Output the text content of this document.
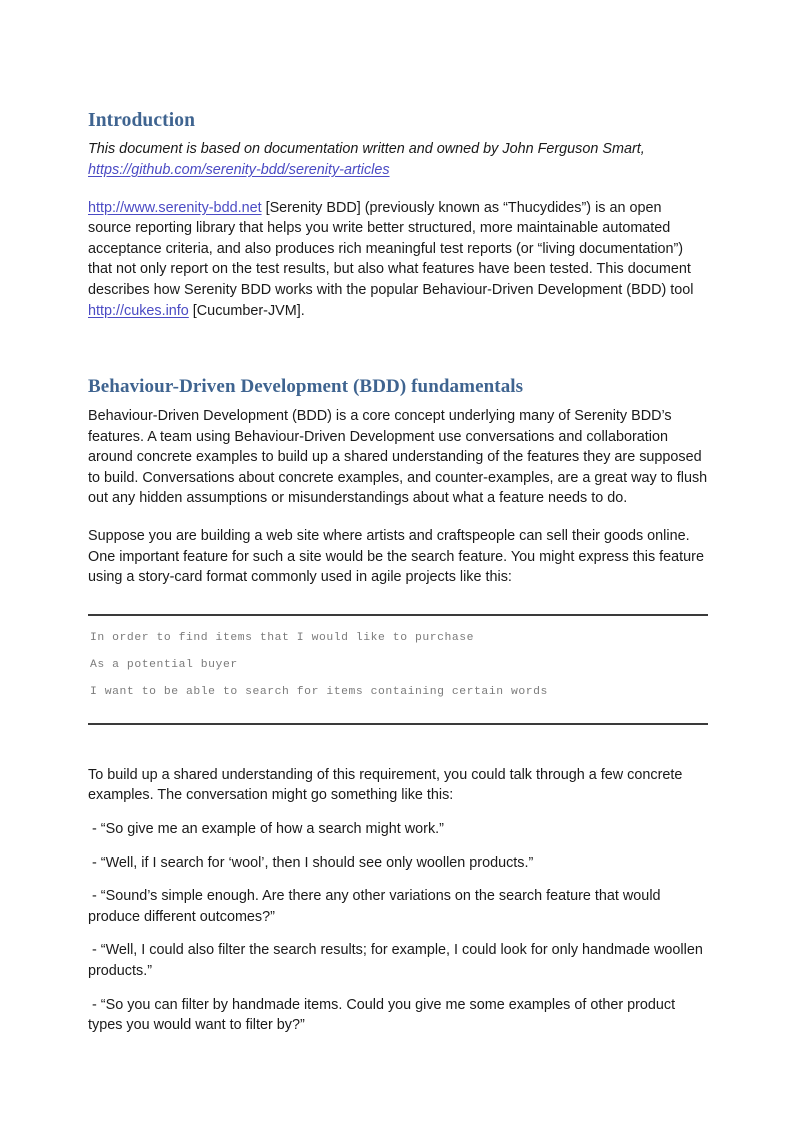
Introduction

This document is based on documentation written and owned by John Ferguson Smart,
https://github.com/serenity-bdd/serenity-articles

http://www.serenity-bdd.net [Serenity BDD] (previously known as “Thucydides”) is an open source reporting library that helps you write better structured, more maintainable automated acceptance criteria, and also produces rich meaningful test reports (or “living documentation”) that not only report on the test results, but also what features have been tested. This document describes how Serenity BDD works with the popular Behaviour-Driven Development (BDD) tool http://cukes.info [Cucumber-JVM].

Behaviour-Driven Development (BDD) fundamentals

Behaviour-Driven Development (BDD) is a core concept underlying many of Serenity BDD’s features. A team using Behaviour-Driven Development use conversations and collaboration around concrete examples to build up a shared understanding of the features they are supposed to build. Conversations about concrete examples, and counter-examples, are a great way to flush out any hidden assumptions or misunderstandings about what a feature needs to do.

Suppose you are building a web site where artists and craftspeople can sell their goods online. One important feature for such a site would be the search feature. You might express this feature using a story-card format commonly used in agile projects like this:

In order to find items that I would like to purchase
As a potential buyer
I want to be able to search for items containing certain words

To build up a shared understanding of this requirement, you could talk through a few concrete examples. The conversation might go something like this:

- “So give me an example of how a search might work.”
- “Well, if I search for ‘wool’, then I should see only woollen products.”
- “Sound’s simple enough. Are there any other variations on the search feature that would produce different outcomes?”
- “Well, I could also filter the search results; for example, I could look for only handmade woollen products.”
- “So you can filter by handmade items. Could you give me some examples of other product types you would want to filter by?”
